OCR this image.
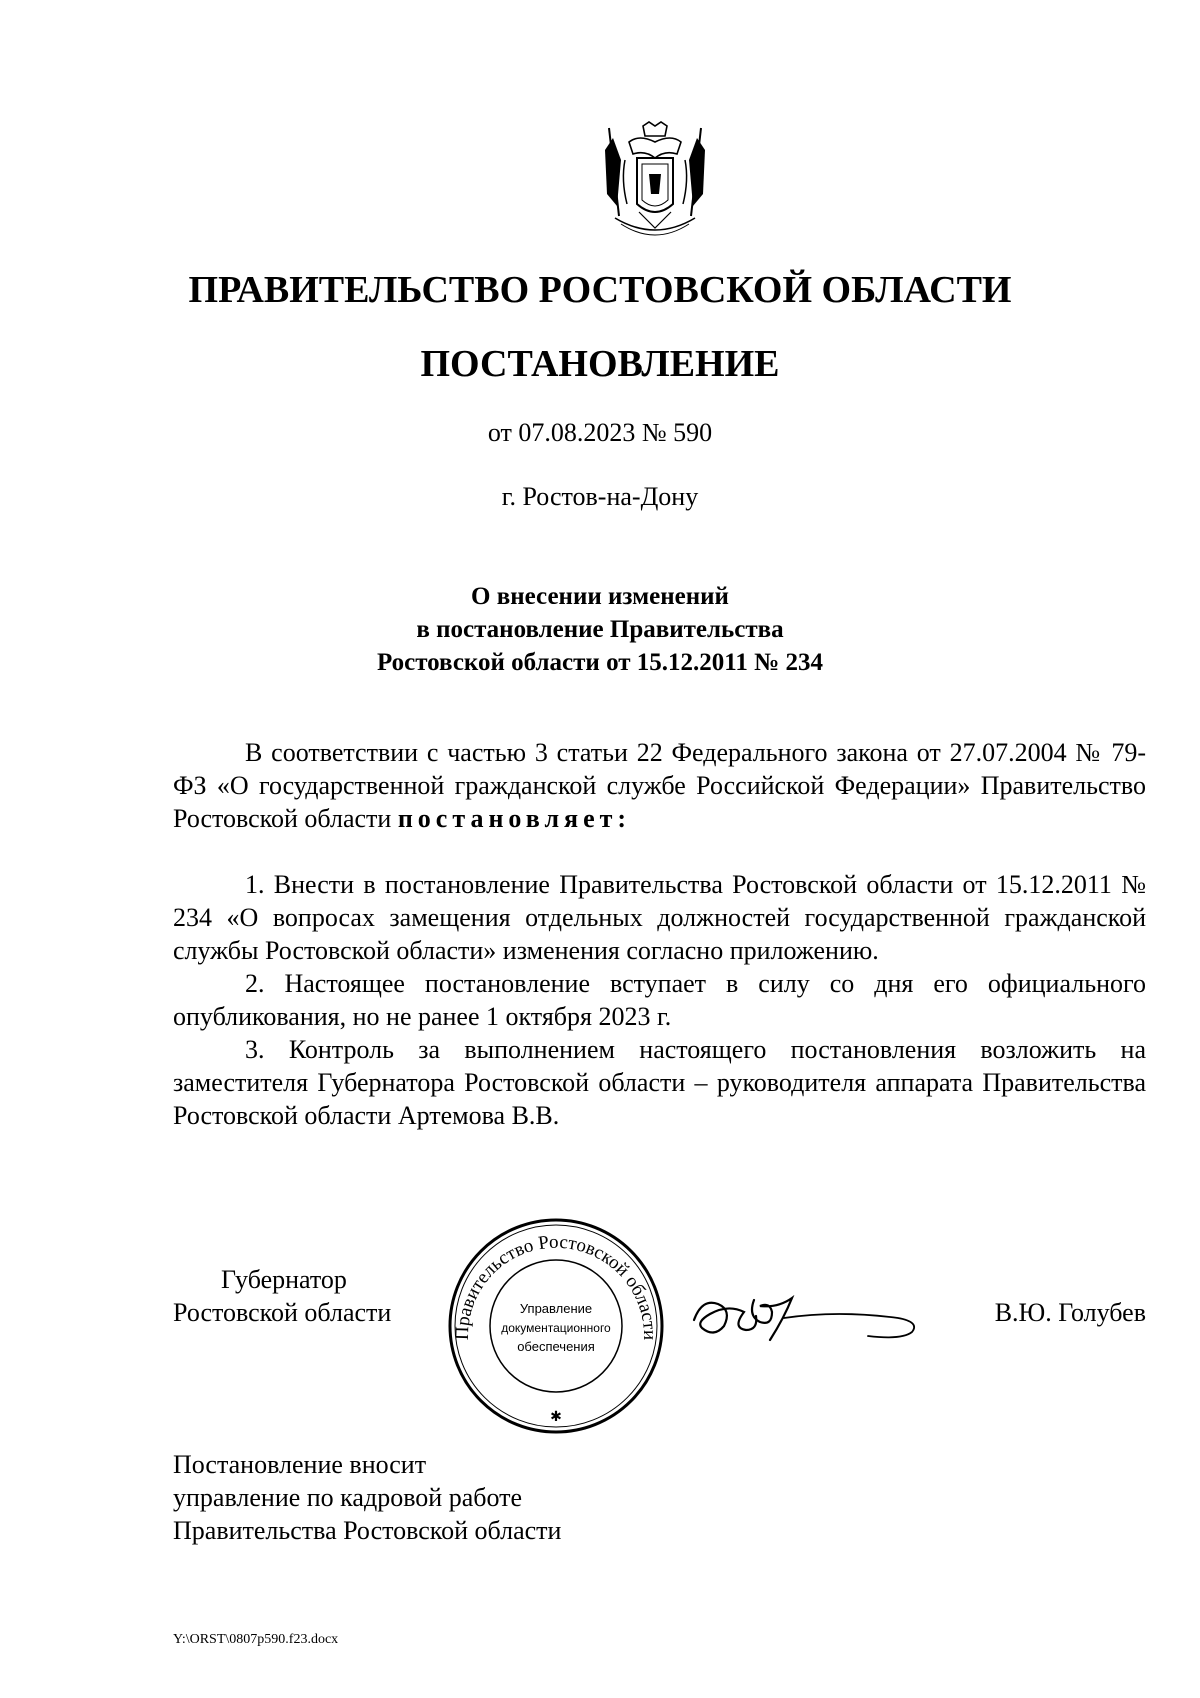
ПРАВИТЕЛЬСТВО РОСТОВСКОЙ ОБЛАСТИ
ПОСТАНОВЛЕНИЕ
от 07.08.2023 № 590
г. Ростов-на-Дону
О внесении изменений
в постановление Правительства
Ростовской области от 15.12.2011 № 234

В соответствии с частью 3 статьи 22 Федерального закона от 27.07.2004 № 79-ФЗ «О государственной гражданской службе Российской Федерации» Правительство Ростовской области постановляет:

1. Внести в постановление Правительства Ростовской области от 15.12.2011 № 234 «О вопросах замещения отдельных должностей государственной гражданской службы Ростовской области» изменения согласно приложению.

2. Настоящее постановление вступает в силу со дня его официального опубликования, но не ранее 1 октября 2023 г.

3. Контроль за выполнением настоящего постановления возложить на заместителя Губернатора Ростовской области – руководителя аппарата Правительства Ростовской области Артемова В.В.

Губернатор
Ростовской области
Правительство Ростовской области
Управление
документационного
обеспечения
✱
В.Ю. Голубев
Постановление вносит
управление по кадровой работе
Правительства Ростовской области
Y:\ORST\0807p590.f23.docx
